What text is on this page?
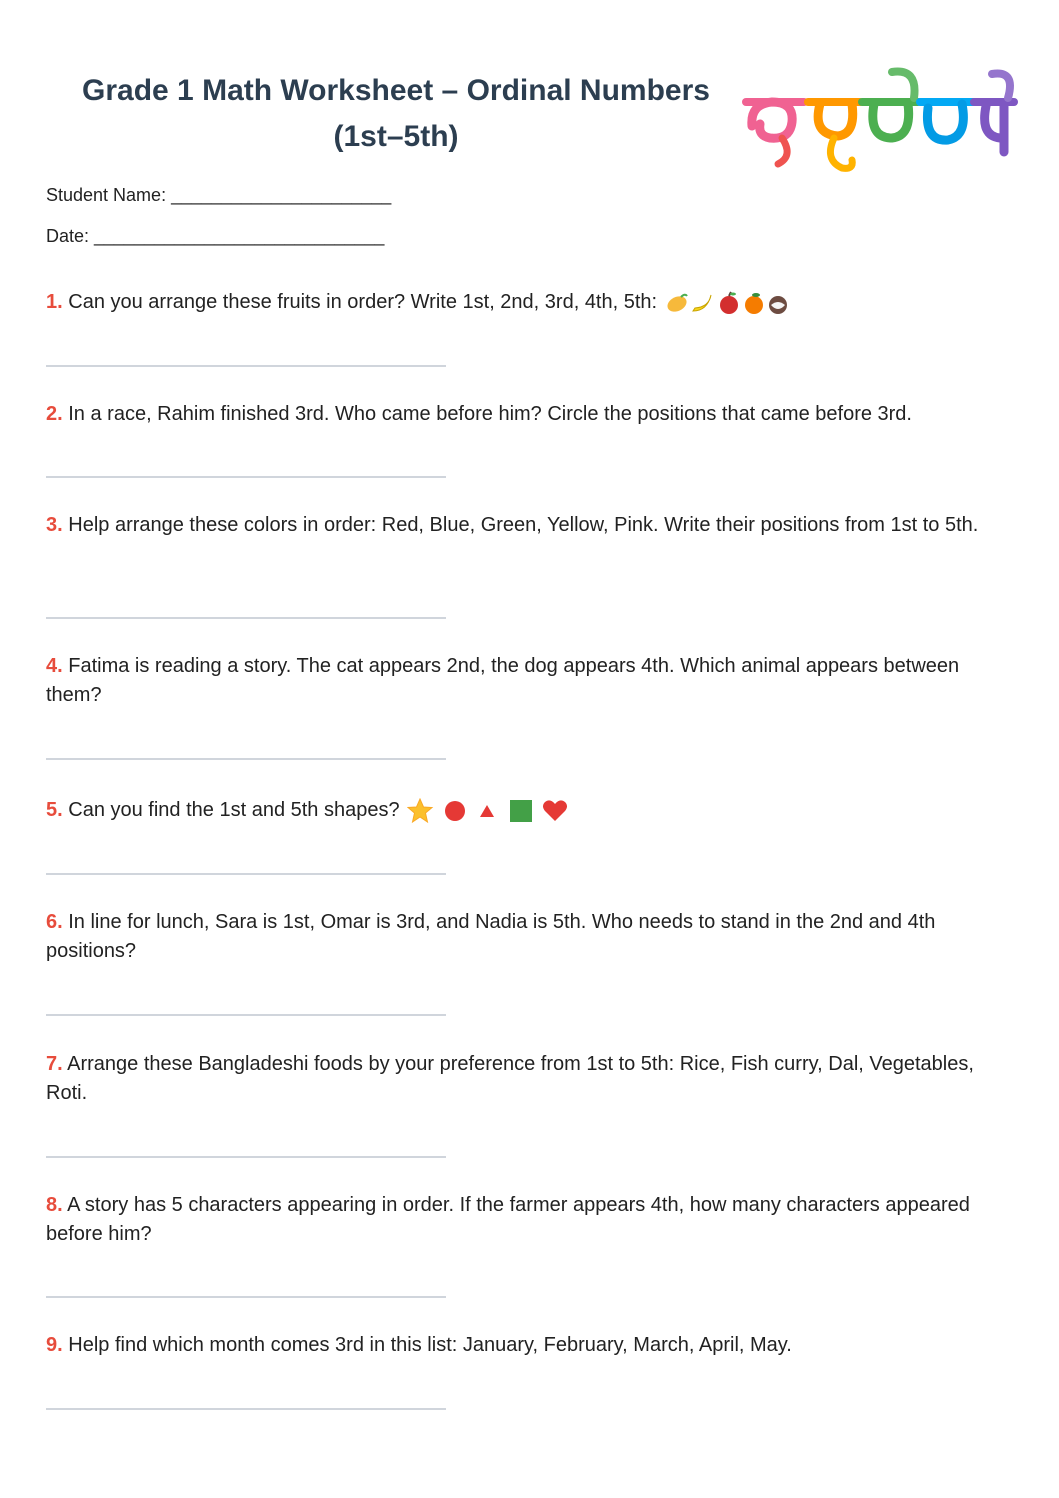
Grade 1 Math Worksheet – Ordinal Numbers
(1st–5th)
Student Name: ______________________
Date: _____________________________
1. Can you arrange these fruits in order? Write 1st, 2nd, 3rd, 4th, 5th:
2. In a race, Rahim finished 3rd. Who came before him? Circle the positions that came before 3rd.
3. Help arrange these colors in order: Red, Blue, Green, Yellow, Pink. Write their positions from 1st to 5th.
4. Fatima is reading a story. The cat appears 2nd, the dog appears 4th. Which animal appears between them?
5. Can you find the 1st and 5th shapes?
6. In line for lunch, Sara is 1st, Omar is 3rd, and Nadia is 5th. Who needs to stand in the 2nd and 4th positions?
7. Arrange these Bangladeshi foods by your preference from 1st to 5th: Rice, Fish curry, Dal, Vegetables, Roti.
8. A story has 5 characters appearing in order. If the farmer appears 4th, how many characters appeared before him?
9. Help find which month comes 3rd in this list: January, February, March, April, May.
